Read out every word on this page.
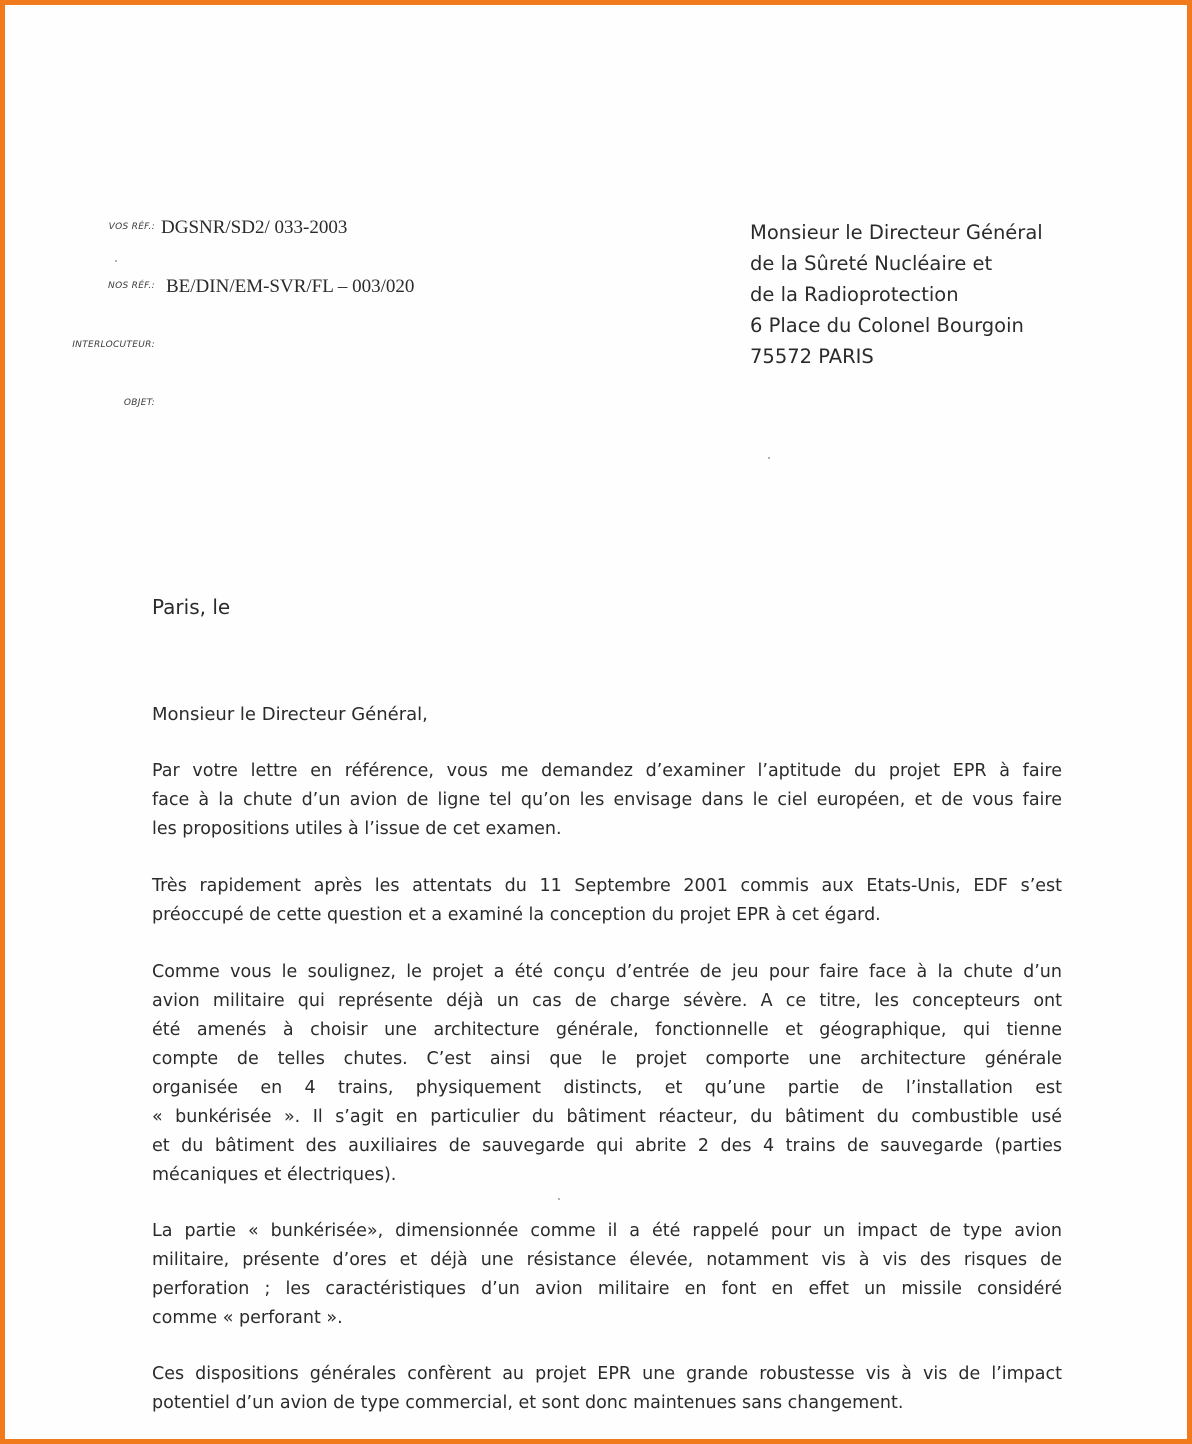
VOS RÉF.: DGSNR/SD2/ 033-2003
NOS RÉF.: BE/DIN/EM-SVR/FL – 003/020
INTERLOCUTEUR:
OBJET:
Monsieur le Directeur Général
de la Sûreté Nucléaire et
de la Radioprotection
6 Place du Colonel Bourgoin
75572 PARIS
Paris, le
Monsieur le Directeur Général,
Par votre lettre en référence, vous me demandez d’examiner l’aptitude du projet EPR à faire
face à la chute d’un avion de ligne tel qu’on les envisage dans le ciel européen, et de vous faire
les propositions utiles à l’issue de cet examen.
Très rapidement après les attentats du 11 Septembre 2001 commis aux Etats-Unis, EDF s’est
préoccupé de cette question et a examiné la conception du projet EPR à cet égard.
Comme vous le soulignez, le projet a été conçu d’entrée de jeu pour faire face à la chute d’un
avion militaire qui représente déjà un cas de charge sévère. A ce titre, les concepteurs ont
été amenés à choisir une architecture générale, fonctionnelle et géographique, qui tienne
compte de telles chutes. C’est ainsi que le projet comporte une architecture générale
organisée en 4 trains, physiquement distincts, et qu’une partie de l’installation est
« bunkérisée ». Il s’agit en particulier du bâtiment réacteur, du bâtiment du combustible usé
et du bâtiment des auxiliaires de sauvegarde qui abrite 2 des 4 trains de sauvegarde (parties
mécaniques et électriques).
La partie « bunkérisée», dimensionnée comme il a été rappelé pour un impact de type avion
militaire, présente d’ores et déjà une résistance élevée, notamment vis à vis des risques de
perforation ; les caractéristiques d’un avion militaire en font en effet un missile considéré
comme « perforant ».
Ces dispositions générales confèrent au projet EPR une grande robustesse vis à vis de l’impact
potentiel d’un avion de type commercial, et sont donc maintenues sans changement.
